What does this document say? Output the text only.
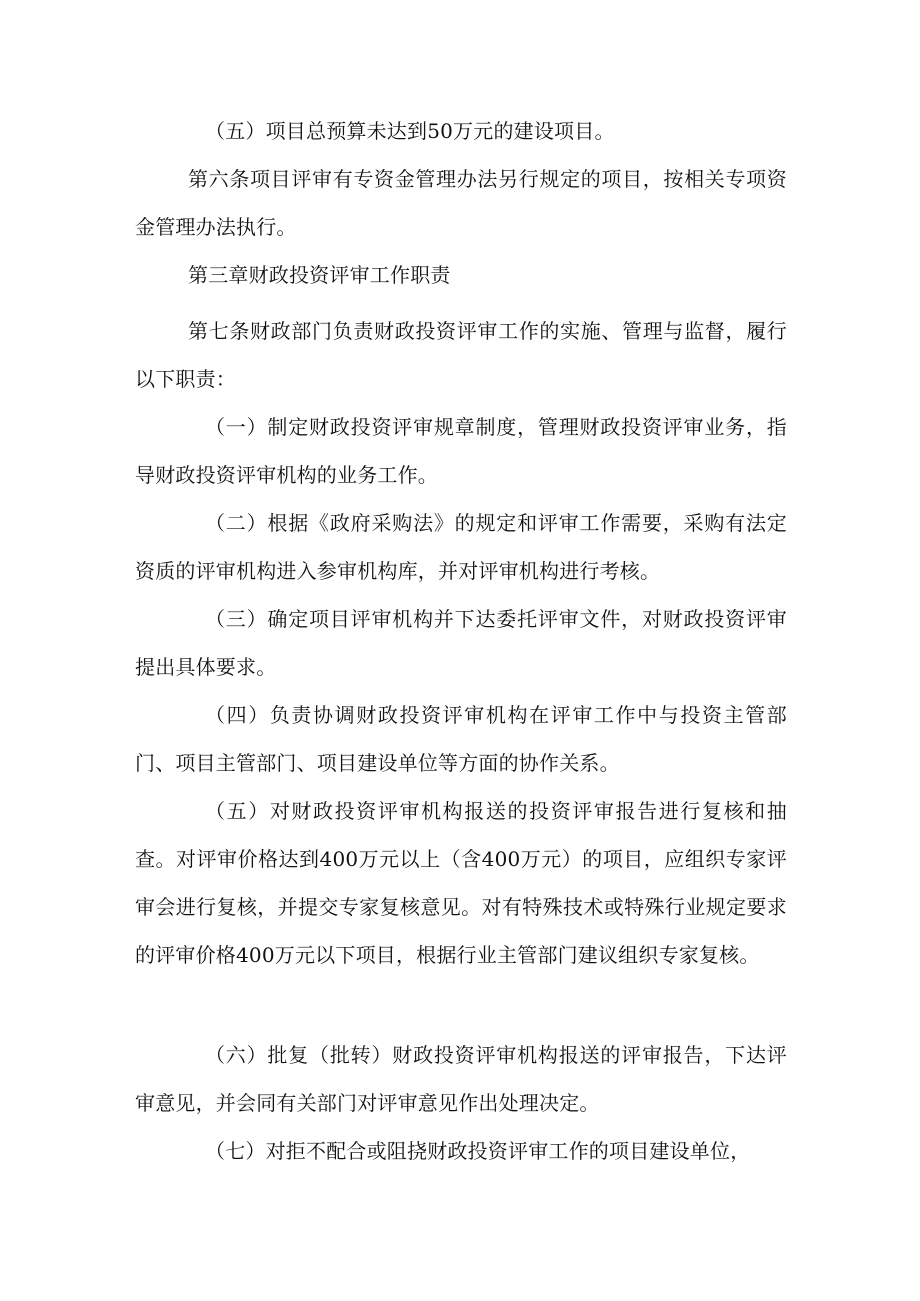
（五）项目总预算未达到50万元的建设项目。

第六条项目评审有专资金管理办法另行规定的项目，按相关专项资金管理办法执行。

第三章财政投资评审工作职责

第七条财政部门负责财政投资评审工作的实施、管理与监督，履行以下职责：

（一）制定财政投资评审规章制度，管理财政投资评审业务，指导财政投资评审机构的业务工作。

（二）根据《政府采购法》的规定和评审工作需要，采购有法定资质的评审机构进入参审机构库，并对评审机构进行考核。

（三）确定项目评审机构并下达委托评审文件，对财政投资评审提出具体要求。

（四）负责协调财政投资评审机构在评审工作中与投资主管部门、项目主管部门、项目建设单位等方面的协作关系。

（五）对财政投资评审机构报送的投资评审报告进行复核和抽查。对评审价格达到400万元以上（含400万元）的项目，应组织专家评审会进行复核，并提交专家复核意见。对有特殊技术或特殊行业规定要求的评审价格400万元以下项目，根据行业主管部门建议组织专家复核。

（六）批复（批转）财政投资评审机构报送的评审报告，下达评审意见，并会同有关部门对评审意见作出处理决定。

（七）对拒不配合或阻挠财政投资评审工作的项目建设单位，
